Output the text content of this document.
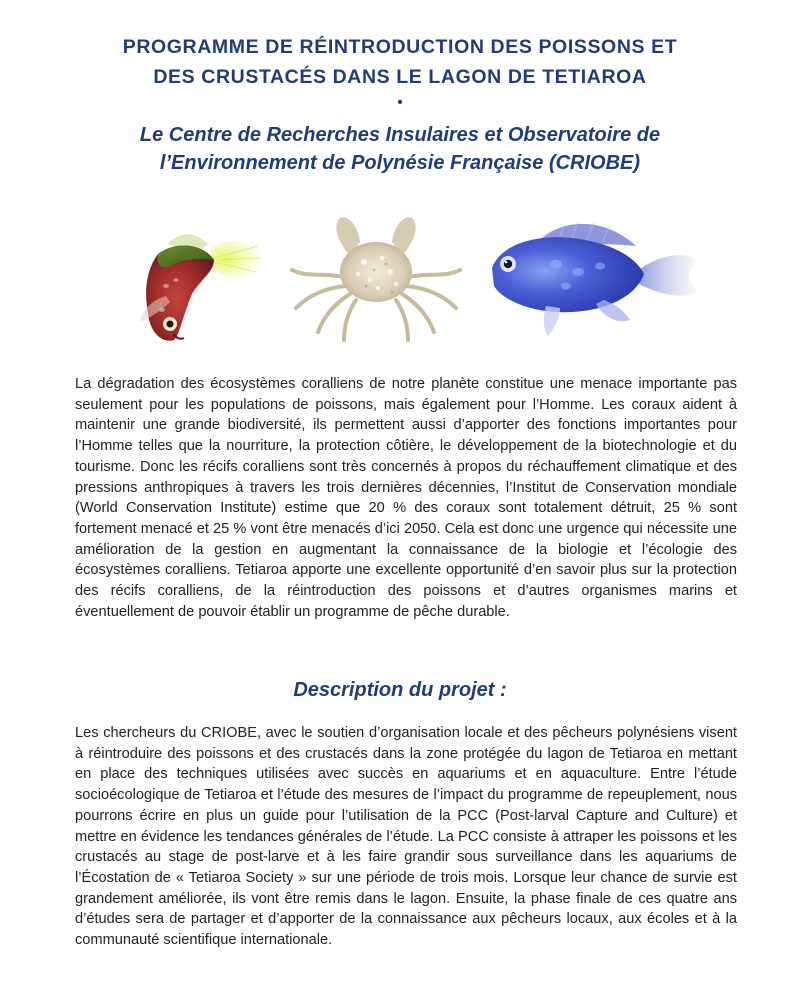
PROGRAMME DE RÉINTRODUCTION DES POISSONS ET
DES CRUSTACÉS DANS LE LAGON DE TETIAROA
•
Le Centre de Recherches Insulaires et Observatoire de
l’Environnement de Polynésie Française (CRIOBE)

La dégradation des écosystèmes coralliens de notre planète constitue une menace importante pas seulement pour les populations de poissons, mais également pour l’Homme. Les coraux aident à maintenir une grande biodiversité, ils permettent aussi d’apporter des fonctions importantes pour l’Homme telles que la nourriture, la protection côtière, le développement de la biotechnologie et du tourisme. Donc les récifs coralliens sont très concernés à propos du réchauffement climatique et des pressions anthropiques à travers les trois dernières décennies, l’Institut de Conservation mondiale (World Conservation Institute) estime que 20 % des coraux sont totalement détruit, 25 % sont fortement menacé et 25 % vont être menacés d’ici 2050. Cela est donc une urgence qui nécessite une amélioration de la gestion en augmentant la connaissance de la biologie et l’écologie des écosystèmes coralliens. Tetiaroa apporte une excellente opportunité d’en savoir plus sur la protection des récifs coralliens, de la réintroduction des poissons et d’autres organismes marins et éventuellement de pouvoir établir un programme de pêche durable.

Description du projet :

Les chercheurs du CRIOBE, avec le soutien d’organisation locale et des pêcheurs polynésiens visent à réintroduire des poissons et des crustacés dans la zone protégée du lagon de Tetiaroa en mettant en place des techniques utilisées avec succès en aquariums et en aquaculture. Entre l’étude socioécologique de Tetiaroa et l’étude des mesures de l’impact du programme de repeuplement, nous pourrons écrire en plus un guide pour l’utilisation de la PCC (Post-larval Capture and Culture) et mettre en évidence les tendances générales de l’étude. La PCC consiste à attraper les poissons et les crustacés au stage de post-larve et à les faire grandir sous surveillance dans les aquariums de l’Écostation de « Tetiaroa Society » sur une période de trois mois. Lorsque leur chance de survie est grandement améliorée, ils vont être remis dans le lagon. Ensuite, la phase finale de ces quatre ans d’études sera de partager et d’apporter de la connaissance aux pêcheurs locaux, aux écoles et à la communauté scientifique internationale.
